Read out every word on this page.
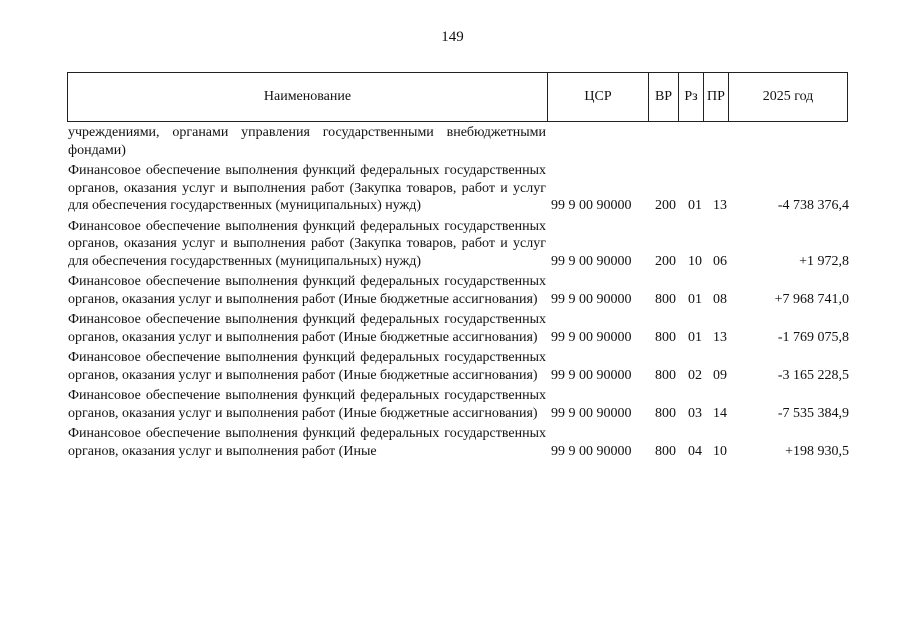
149
Наименование	ЦСР	ВР Рз ПР	2025 год
учреждениями, органами управления государственными внебюджетными фондами)
Финансовое обеспечение выполнения функций федеральных государственных органов, оказания услуг и выполнения работ (Закупка товаров, работ и услуг для обеспечения государственных (муниципальных) нужд)	99 9 00 90000	200 01 13	-4 738 376,4
Финансовое обеспечение выполнения функций федеральных государственных органов, оказания услуг и выполнения работ (Закупка товаров, работ и услуг для обеспечения государственных (муниципальных) нужд)	99 9 00 90000	200 10 06	+1 972,8
Финансовое обеспечение выполнения функций федеральных государственных органов, оказания услуг и выполнения работ (Иные бюджетные ассигнования) 99 9 00 90000	800 01 08	+7 968 741,0
Финансовое обеспечение выполнения функций федеральных государственных органов, оказания услуг и выполнения работ (Иные бюджетные ассигнования) 99 9 00 90000	800 01 13	-1 769 075,8
Финансовое обеспечение выполнения функций федеральных государственных органов, оказания услуг и выполнения работ (Иные бюджетные ассигнования) 99 9 00 90000	800 02 09	-3 165 228,5
Финансовое обеспечение выполнения функций федеральных государственных органов, оказания услуг и выполнения работ (Иные бюджетные ассигнования) 99 9 00 90000	800 03 14	-7 535 384,9
Финансовое обеспечение выполнения функций федеральных государственных органов, оказания услуг и выполнения работ (Иные	99 9 00 90000	800 04 10	+198 930,5
